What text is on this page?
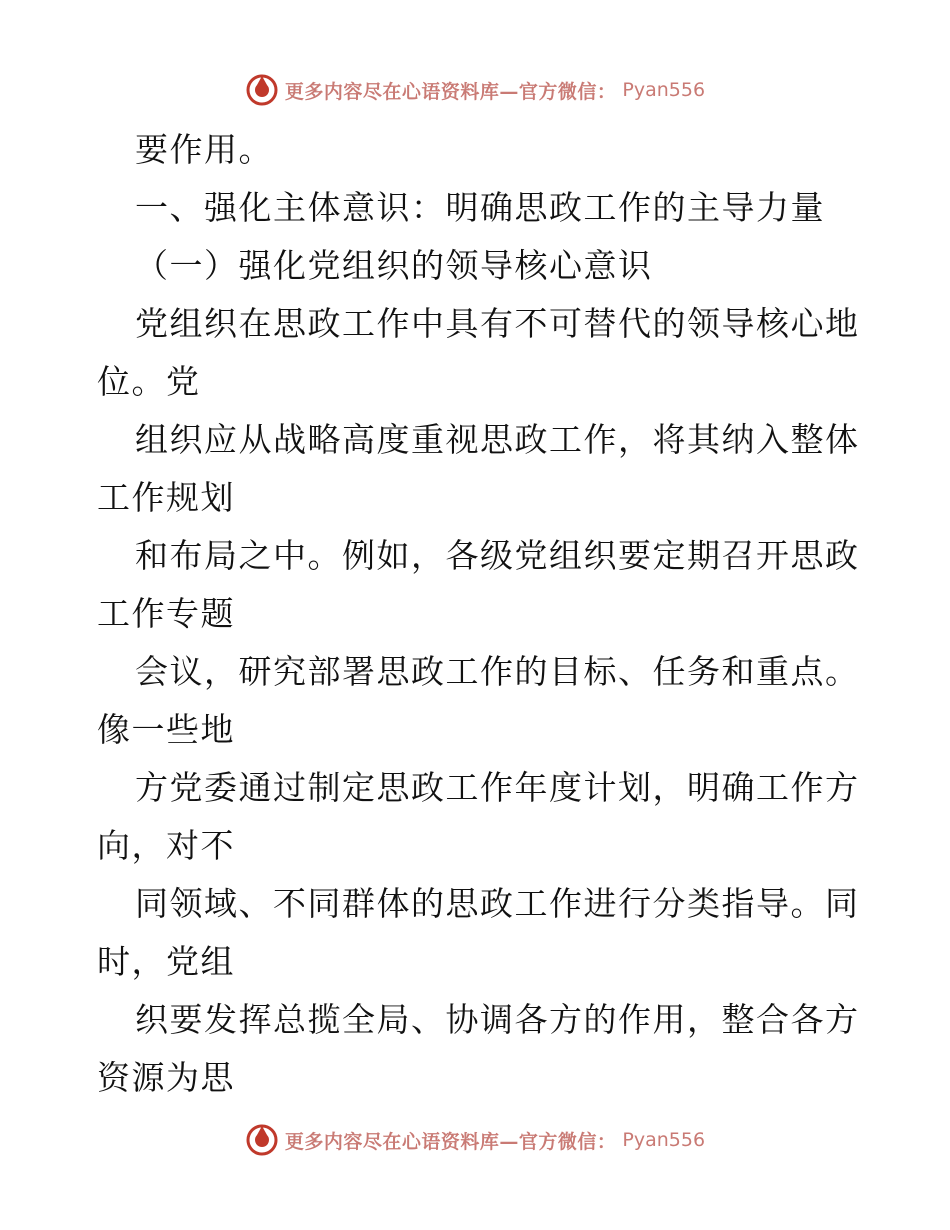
更多内容尽在心语资料库—官方微信： Pyan556
要作用。
一、强化主体意识：明确思政工作的主导力量
（一）强化党组织的领导核心意识
党组织在思政工作中具有不可替代的领导核心地
位。党
组织应从战略高度重视思政工作，将其纳入整体
工作规划
和布局之中。例如，各级党组织要定期召开思政
工作专题
会议，研究部署思政工作的目标、任务和重点。
像一些地
方党委通过制定思政工作年度计划，明确工作方
向，对不
同领域、不同群体的思政工作进行分类指导。同
时，党组
织要发挥总揽全局、协调各方的作用，整合各方
资源为思
更多内容尽在心语资料库—官方微信： Pyan556
